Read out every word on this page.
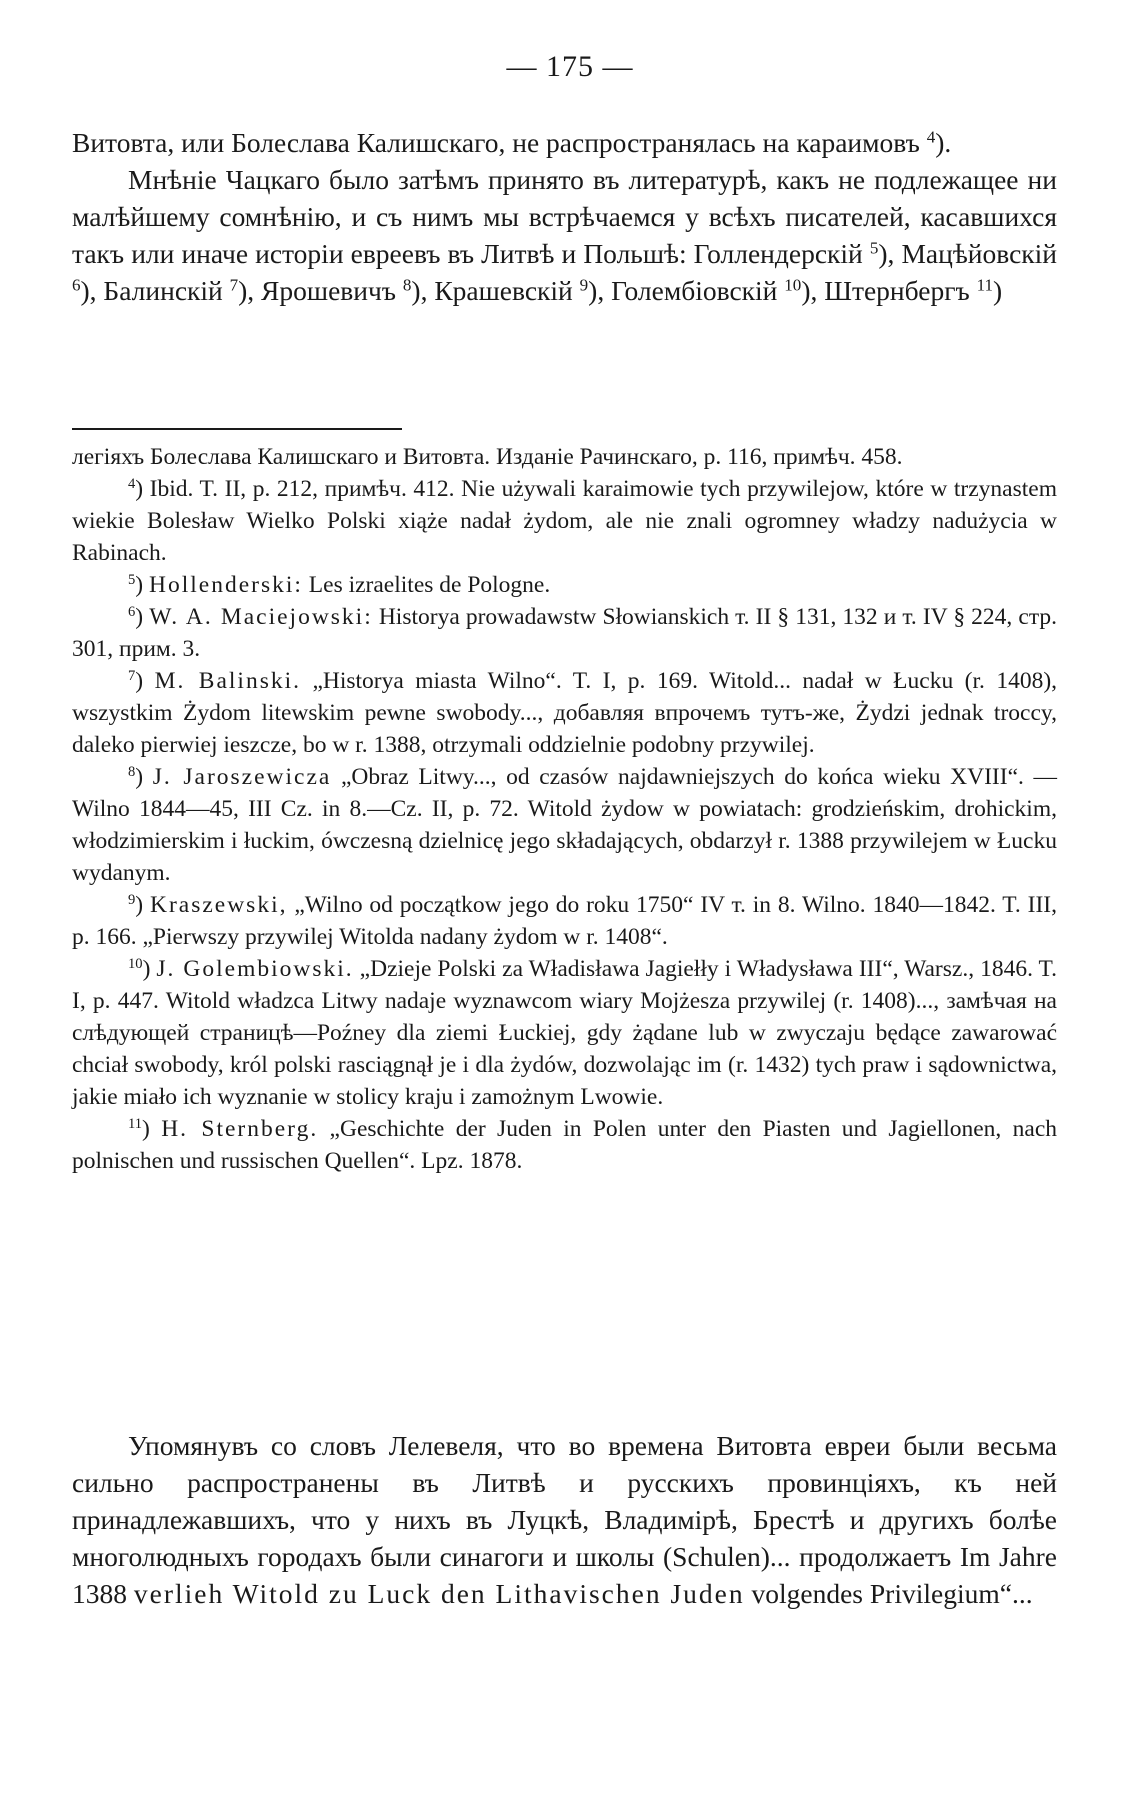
— 175 —

Витовта, или Болеслава Калишскаго, не распространялась на караимовъ $^4$).

Мнѣніе Чацкаго было затѣмъ принято въ литературѣ, какъ не подлежащее ни малѣйшему сомнѣнію, и съ нимъ мы встрѣчаемся у всѣхъ писателей, касавшихся такъ или иначе исторіи евреевъ въ Литвѣ и Польшѣ: Голлендерскій $^5$), Мацѣйовскій $^6$), Балинскій $^7$), Ярошевичъ $^8$), Крашевскій $^9$), Голембіовскій $^{10}$), Штернбергъ $^{11}$)

легіяхъ Болеслава Калишскаго и Витовта. Изданіе Рачинскаго, р. 116, примѣч. 458.

$^4$) Ibid. T. II, р. 212, примѣч. 412. Nie używali karaimowie tych przywilejow, które w trzynastem wiekie Bolesław Wielko Polski xiąże nadał żydom, ale nie znali ogromney władzy nadużycia w Rabinach.

$^5$) Hollenderski: Les izraelites de Pologne.

$^6$) W. A. Maciejowski: Historya prowadawstw Słowianskich т. II § 131, 132 и т. IV § 224, стр. 301, прим. 3.

$^7$) M. Balinski. „Historya miasta Wilno“. T. I, p. 169. Witold... nadał w Łucku (r. 1408), wszystkim Żydom litewskim pewne swobody..., добавляя впрочемъ тутъ-же, Żydzi jednak troccy, daleko pierwiej ieszcze, bo w r. 1388, otrzymali oddzielnie podobny przywilej.

$^8$) J. Jaroszewicza „Obraz Litwy..., od czasów najdawniejszych do końca wieku XVIII“. — Wilno 1844—45, III Cz. in 8.—Cz. II, p. 72. Witold żydow w powiatach: grodzieńskim, drohickim, włodzimierskim i łuckim, ówczesną dzielnicę jego składających, obdarzył r. 1388 przywilejem w Łucku wydanym.

$^9$) Kraszewski, „Wilno od początkow jego do roku 1750“ IV т. in 8. Wilno. 1840—1842. T. III, p. 166. „Pierwszy przywilej Witolda nadany żydom w r. 1408“.

$^{10}$) J. Golembiowski. „Dzieje Polski za Władisława Jagiełły i Władysława III“, Warsz., 1846. T. I, p. 447. Witold władzca Litwy nadaje wyznawcom wiary Mojżesza przywilej (r. 1408)..., замѣчая на слѣдующей страницѣ—Poźney dla ziemi Łuckiej, gdy żądane lub w zwyczaju będące zawarować chciał swobody, król polski rasciągnął je i dla żydów, dozwolając im (r. 1432) tych praw i sądownictwa, jakie miało ich wyznanie w stolicy kraju i zamożnym Lwowie.

$^{11}$) H. Sternberg. „Geschichte der Juden in Polen unter den Piasten und Jagiellonen, nach polnischen und russischen Quellen“. Lpz. 1878.

Упомянувъ со словъ Лелевеля, что во времена Витовта евреи были весьма сильно распространены въ Литвѣ и русскихъ провинціяхъ, къ ней принадлежавшихъ, что у нихъ въ Луцкѣ, Владимірѣ, Брестѣ и другихъ болѣе многолюдныхъ городахъ были синагоги и школы (Schulen)... продолжаетъ Im Jahre 1388 verlieh Witold zu Luck den Lithavischen Juden volgendes Privilegium“...
